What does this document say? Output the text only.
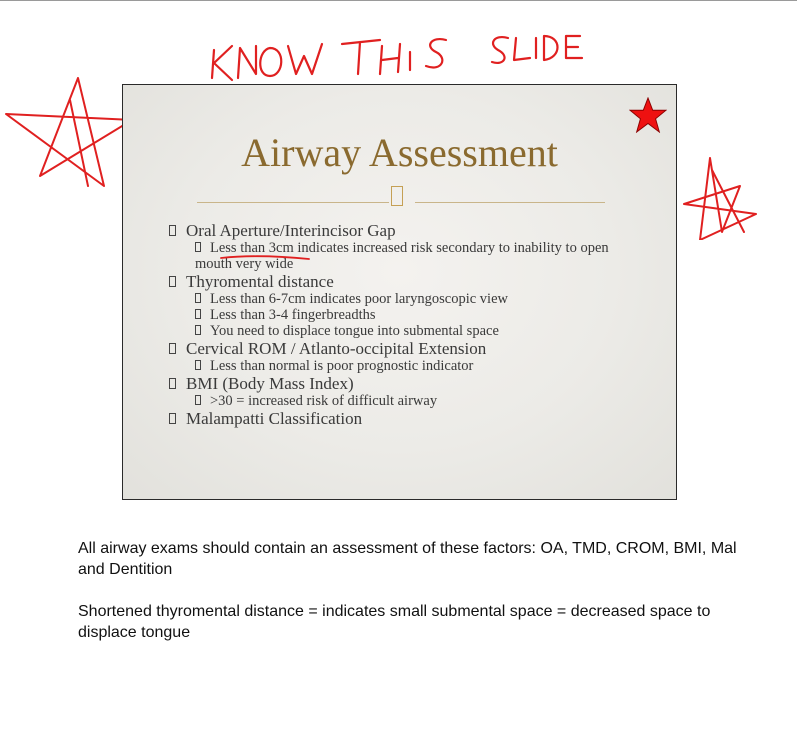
Airway Assessment

Oral Aperture/Interincisor Gap

Less than 3cm indicates increased risk secondary to inability to open mouth very wide

Thyromental distance

Less than 6-7cm indicates poor laryngoscopic view

Less than 3-4 fingerbreadths

You need to displace tongue into submental space

Cervical ROM / Atlanto-occipital Extension

Less than normal is poor prognostic indicator

BMI (Body Mass Index)

>30 = increased risk of difficult airway

Malampatti Classification

All airway exams should contain an assessment of these factors: OA, TMD, CROM, BMI, Mal and Dentition

Shortened thyromental distance = indicates small submental space = decreased space to displace tongue
